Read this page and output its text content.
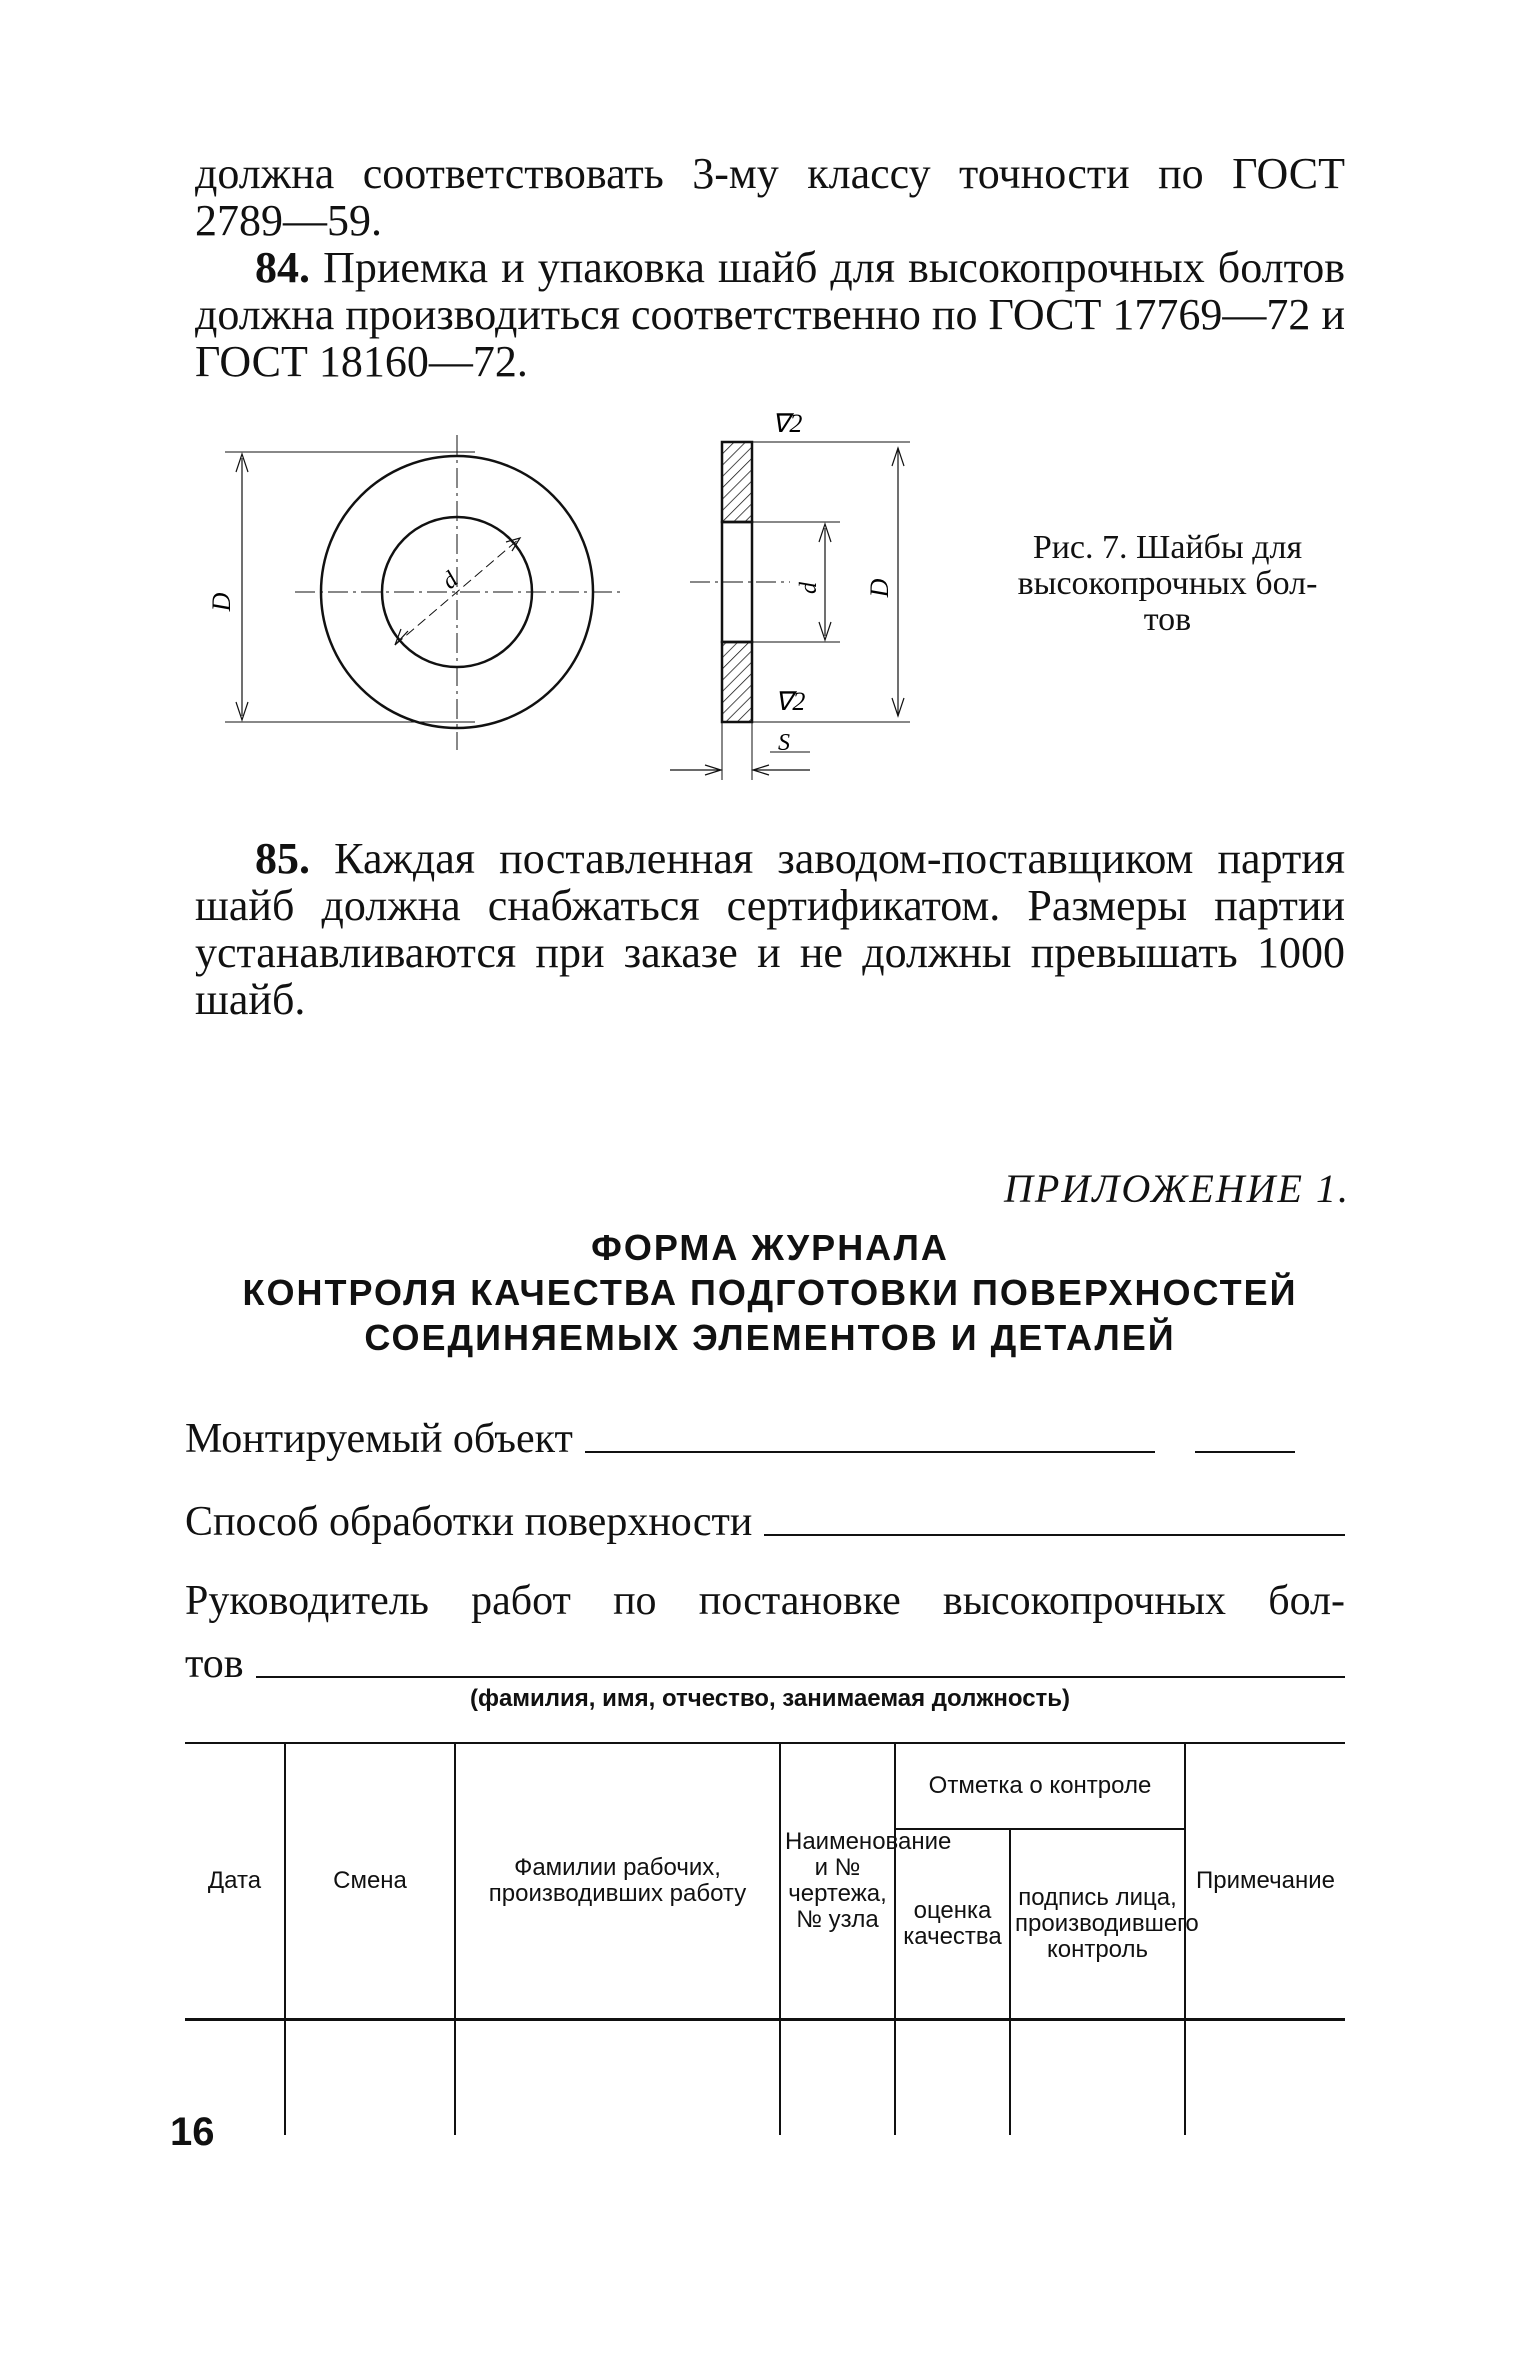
должна соответствовать 3-му классу точности по ГОСТ
2789—59.
84. Приемка и упаковка шайб для высокопрочных болтов должна производиться соответственно по ГОСТ 17769—72 и ГОСТ 18160—72.
D
d
∇2
∇2
d D
S
Рис. 7. Шайбы для
высокопрочных бол-
тов
85. Каждая поставленная заводом-поставщиком партия шайб должна снабжаться сертификатом. Размеры партии устанавливаются при заказе и не должны превышать 1000 шайб.
ПРИЛОЖЕНИЕ 1.
ФОРМА ЖУРНАЛА
КОНТРОЛЯ КАЧЕСТВА ПОДГОТОВКИ ПОВЕРХНОСТЕЙ
СОЕДИНЯЕМЫХ ЭЛЕМЕНТОВ И ДЕТАЛЕЙ
Монтируемый объект
Способ обработки поверхности
Руководитель работ по постановке высокопрочных бол-
тов
(фамилия, имя, отчество, занимаемая должность)
Дата	Смена	Фамилии рабочих, производивших работу	Наименование и № чертежа, № узла	Отметка о контроле		Примечание
				оценка качества	подпись лица, производившего контроль	

16
